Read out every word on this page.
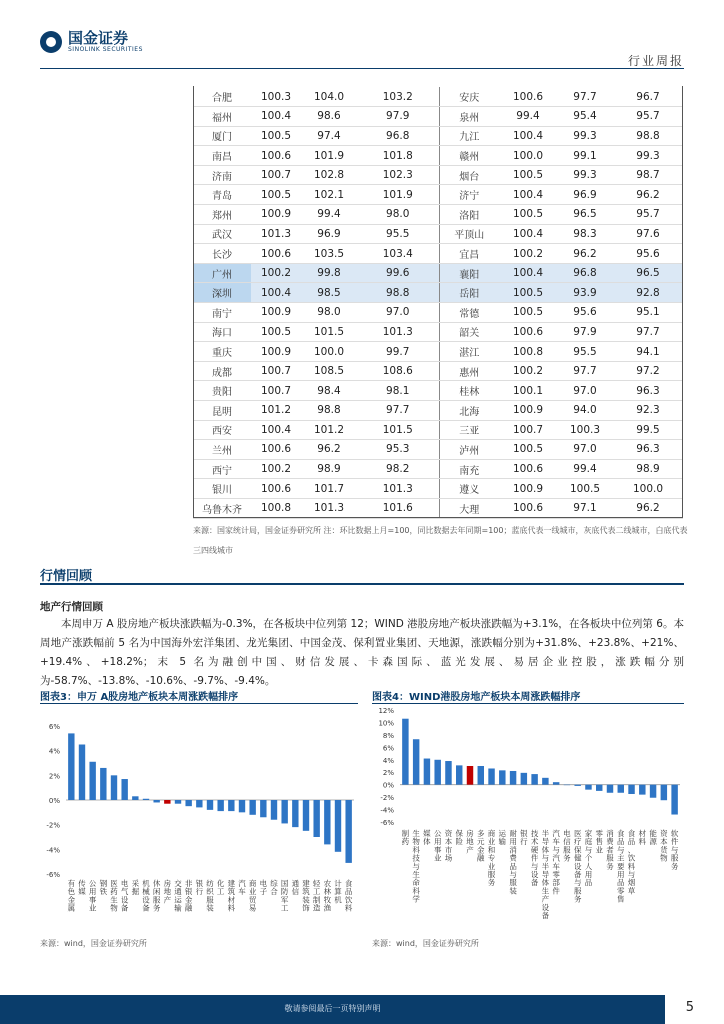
国金证券
SINOLINK SECURITIES
行业周报
合肥	100.3	104.0	103.2	安庆	100.6	97.7	96.7
福州	100.4	98.6	97.9	泉州	99.4	95.4	95.7
厦门	100.5	97.4	96.8	九江	100.4	99.3	98.8
南昌	100.6	101.9	101.8	赣州	100.0	99.1	99.3
济南	100.7	102.8	102.3	烟台	100.5	99.3	98.7
青岛	100.5	102.1	101.9	济宁	100.4	96.9	96.2
郑州	100.9	99.4	98.0	洛阳	100.5	96.5	95.7
武汉	101.3	96.9	95.5	平顶山	100.4	98.3	97.6
长沙	100.6	103.5	103.4	宜昌	100.2	96.2	95.6
广州	100.2	99.8	99.6	襄阳	100.4	96.8	96.5
深圳	100.4	98.5	98.8	岳阳	100.5	93.9	92.8
南宁	100.9	98.0	97.0	常德	100.5	95.6	95.1
海口	100.5	101.5	101.3	韶关	100.6	97.9	97.7
重庆	100.9	100.0	99.7	湛江	100.8	95.5	94.1
成都	100.7	108.5	108.6	惠州	100.2	97.7	97.2
贵阳	100.7	98.4	98.1	桂林	100.1	97.0	96.3
昆明	101.2	98.8	97.7	北海	100.9	94.0	92.3
西安	100.4	101.2	101.5	三亚	100.7	100.3	99.5
兰州	100.6	96.2	95.3	泸州	100.5	97.0	96.3
西宁	100.2	98.9	98.2	南充	100.6	99.4	98.9
银川	100.6	101.7	101.3	遵义	100.9	100.5	100.0
乌鲁木齐	100.8	101.3	101.6	大理	100.6	97.1	96.2
来源：国家统计局，国金证券研究所 注：环比数据上月=100，同比数据去年同期=100；蓝底代表一线城市，灰底代表二线城市，白底代表三四线城市
行情回顾
地产行情回顾
本周申万 A 股房地产板块涨跌幅为-0.3%，在各板块中位列第 12；WIND 港股房地产板块涨跌幅为+3.1%，在各板块中位列第 6。本周地产涨跌幅前 5 名为中国海外宏洋集团、龙光集团、中国金茂、保利置业集团、天地源，涨跌幅分别为+31.8%、+23.8%、+21%、+19.4%、+18.2%；末 5 名为融创中国、财信发展、卡森国际、蓝光发展、易居企业控股，涨跌幅分别为-58.7%、-13.8%、-10.6%、-9.7%、-9.4%。
图表3：申万 A股房地产板块本周涨跌幅排序	图表4：WIND港股房地产板块本周涨跌幅排序
6%
4%
2%
0%
-2%
-4%
-6%
有色金属
传媒
公用事业
钢铁
医药生物
电气设备
采掘
机械设备
休闲服务
房地产
交通运输
非银金融
银行
纺织服装
化工
建筑材料
汽车
商业贸易
电子
综合
国防军工
通信
建筑装饰
轻工制造
农林牧渔
计算机
食品饮料
12%
10%
8%
6%
4%
2%
0%
-2%
-4%
-6%
制药
生物科技与生命科学
媒体
公用事业
资本市场
保险
房地产
多元金融
商业和专业服务
运输
耐用消费品与服装
银行
技术硬件与设备
半导体与半导体生产设备
汽车与汽车零部件
电信服务
医疗保健设备与服务
家庭与个人用品
零售业
消费者服务
食品与主要用品零售
食品、饮料与烟草
材料
能源
资本货物
软件与服务
来源：wind，国金证券研究所	来源：wind，国金证券研究所
敬请参阅最后一页特别声明	5
